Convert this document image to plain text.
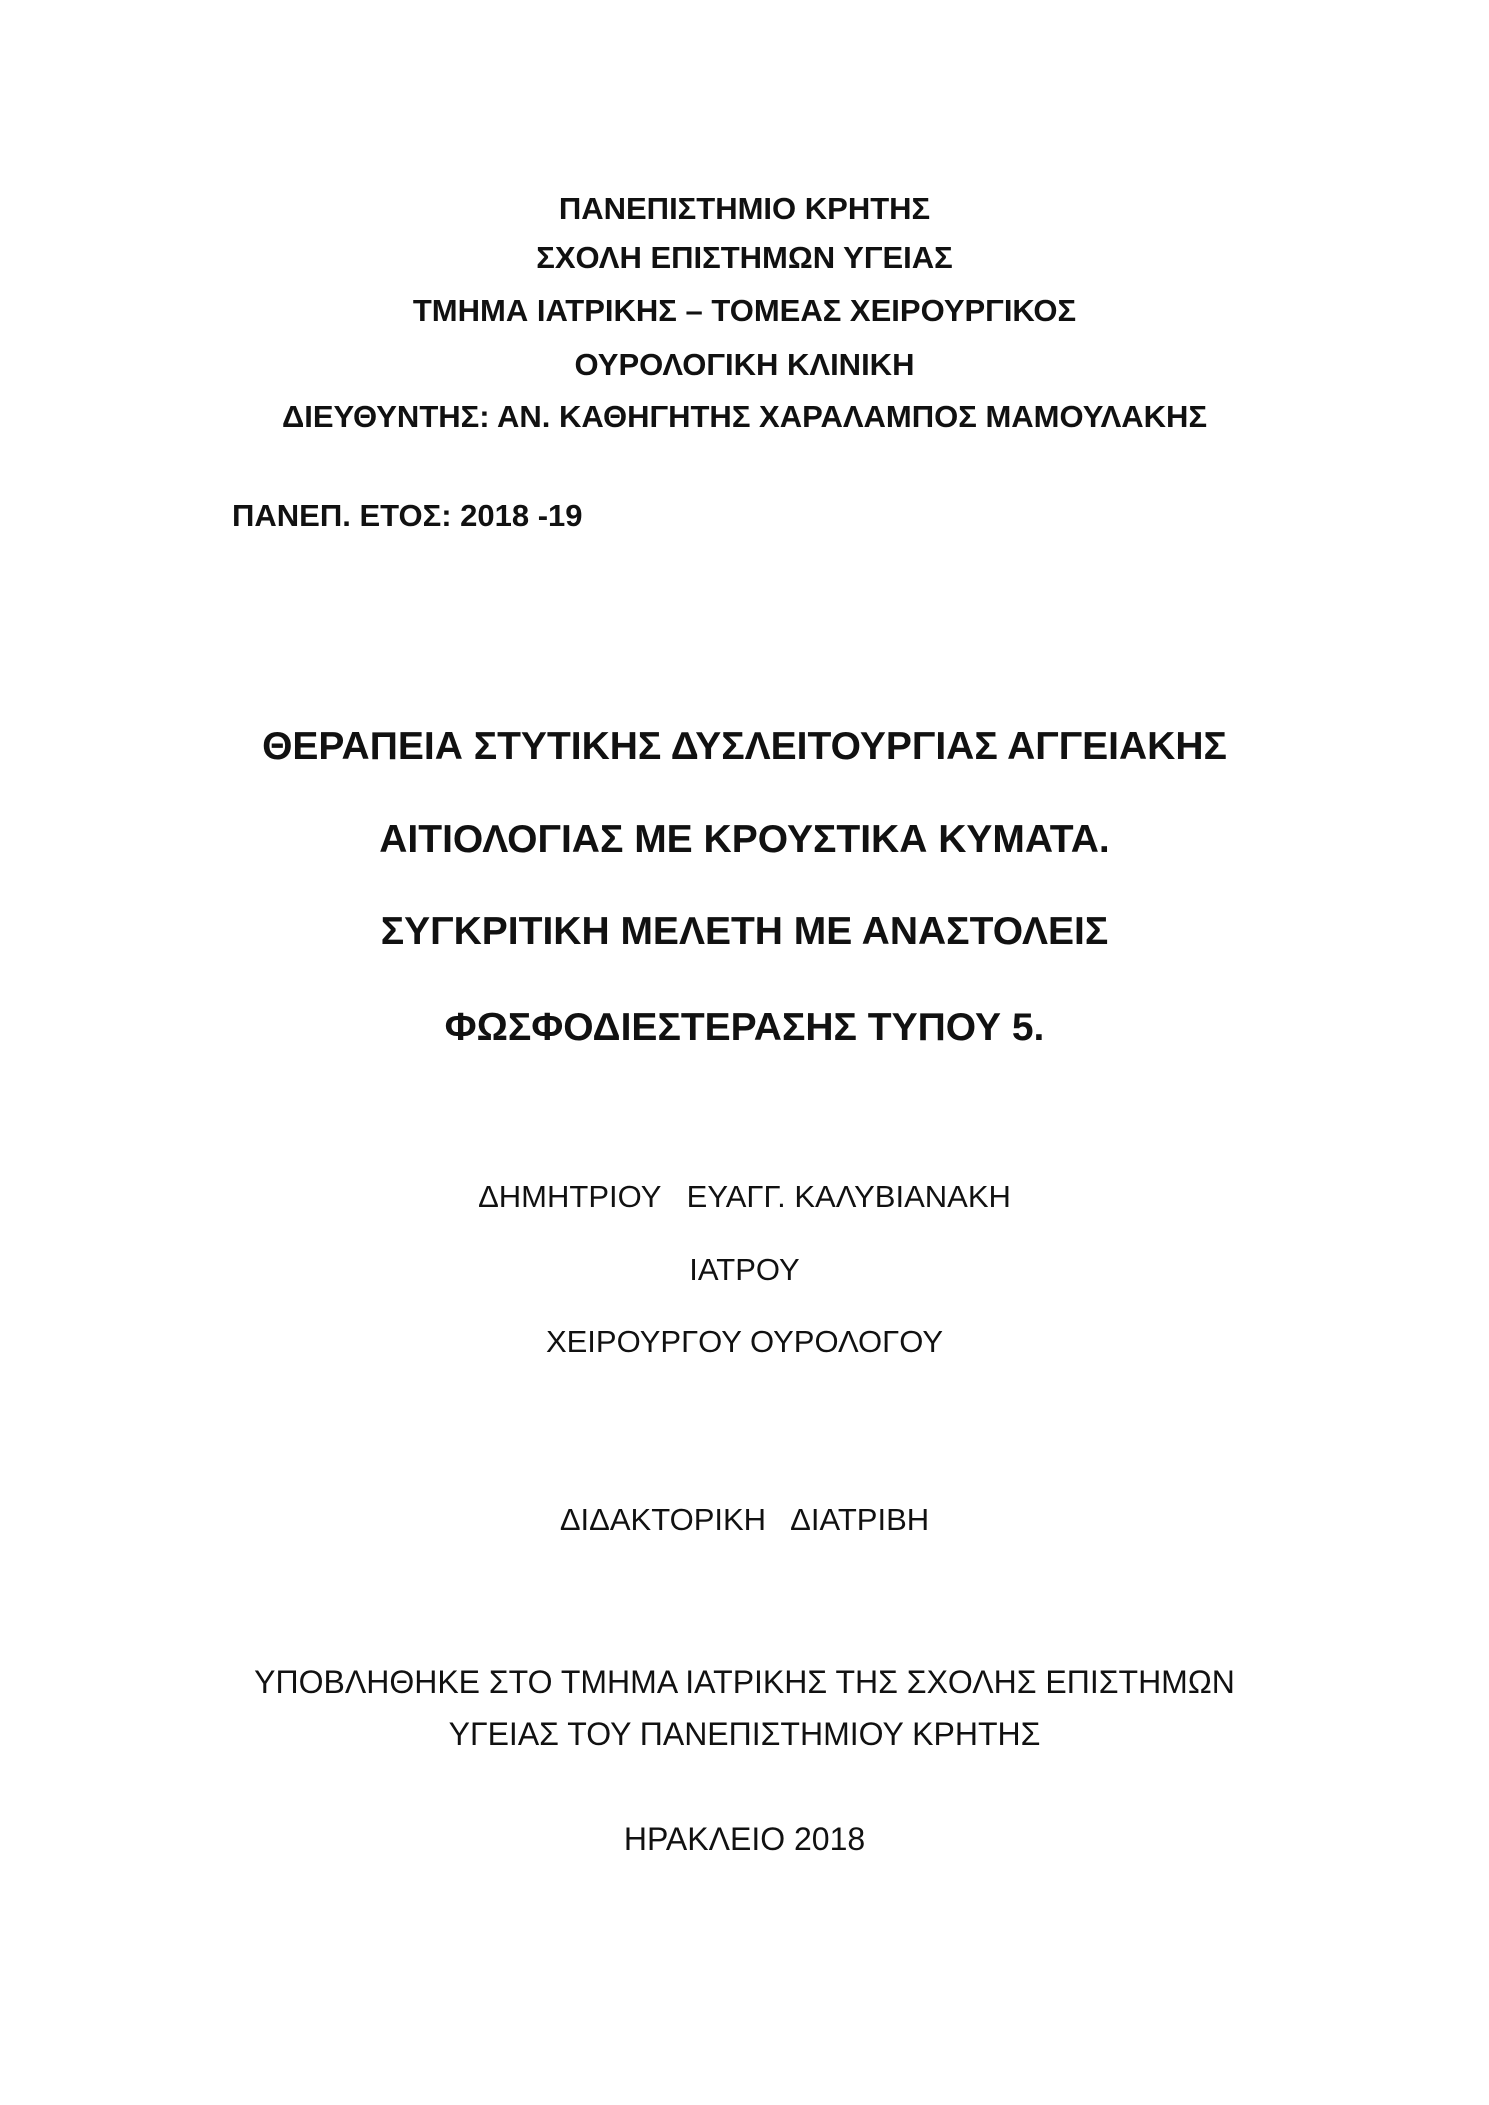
ΠΑΝΕΠΙΣΤΗΜΙΟ ΚΡΗΤΗΣ
ΣΧΟΛΗ ΕΠΙΣΤΗΜΩΝ ΥΓΕΙΑΣ
ΤΜΗΜΑ ΙΑΤΡΙΚΗΣ – ΤΟΜΕΑΣ ΧΕΙΡΟΥΡΓΙΚΟΣ
ΟΥΡΟΛΟΓΙΚΗ ΚΛΙΝΙΚΗ
ΔΙΕΥΘΥΝΤΗΣ: ΑΝ. ΚΑΘΗΓΗΤΗΣ ΧΑΡΑΛΑΜΠΟΣ ΜΑΜΟΥΛΑΚΗΣ
ΠΑΝΕΠ. ΕΤΟΣ: 2018 -19
ΘΕΡΑΠΕΙΑ ΣΤΥΤΙΚΗΣ ΔΥΣΛΕΙΤΟΥΡΓΙΑΣ ΑΓΓΕΙΑΚΗΣ
ΑΙΤΙΟΛΟΓΙΑΣ ΜΕ ΚΡΟΥΣΤΙΚΑ ΚΥΜΑΤΑ.
ΣΥΓΚΡΙΤΙΚΗ ΜΕΛΕΤΗ ΜΕ ΑΝΑΣΤΟΛΕΙΣ
ΦΩΣΦΟΔΙΕΣΤΕΡΑΣΗΣ ΤΥΠΟΥ 5.
ΔΗΜΗΤΡΙΟΥ   ΕΥΑΓΓ. ΚΑΛΥΒΙΑΝΑΚΗ
ΙΑΤΡΟΥ
ΧΕΙΡΟΥΡΓΟΥ ΟΥΡΟΛΟΓΟΥ
ΔΙΔΑΚΤΟΡΙΚΗ   ΔΙΑΤΡΙΒΗ
ΥΠΟΒΛΗΘΗΚΕ ΣΤΟ ΤΜΗΜΑ ΙΑΤΡΙΚΗΣ ΤΗΣ ΣΧΟΛΗΣ ΕΠΙΣΤΗΜΩΝ
ΥΓΕΙΑΣ ΤΟΥ ΠΑΝΕΠΙΣΤΗΜΙΟΥ ΚΡΗΤΗΣ
ΗΡΑΚΛΕΙΟ 2018
